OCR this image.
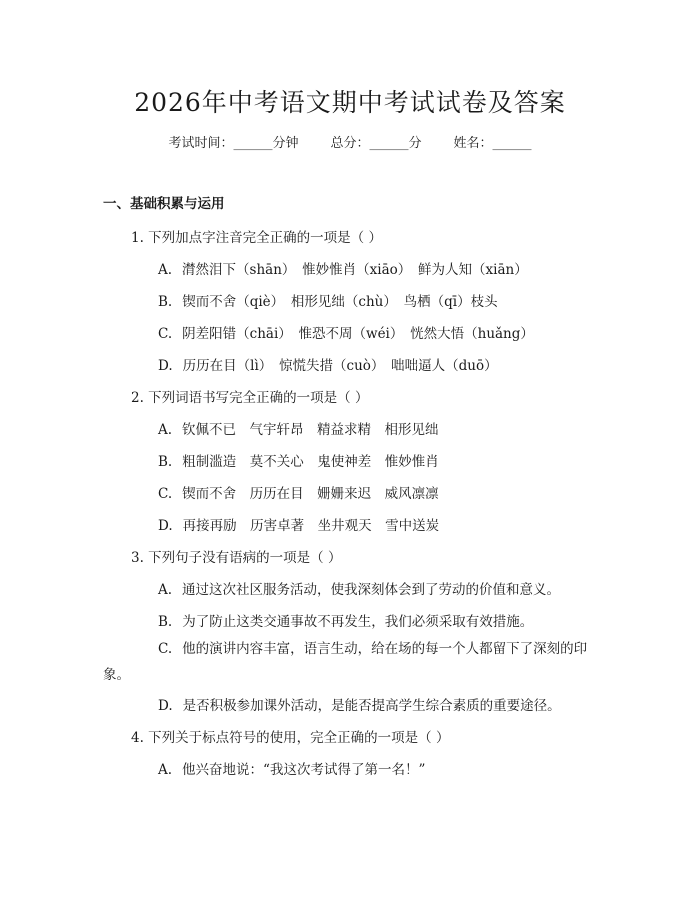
2026年中考语文期中考试试卷及答案
考试时间：______分钟 总分：______分 姓名：______
一、基础积累与运用
1. 下列加点字注音完全正确的一项是（ ）
A. 潸然泪下（shān）　惟妙惟肖（xiāo）　鲜为人知（xiān）
B. 锲而不舍（qiè）　相形见绌（chù）　鸟栖（qī）枝头
C. 阴差阳错（chāi）　惟恐不周（wéi）　恍然大悟（huǎng）
D. 历历在目（lì）　惊慌失措（cuò）　咄咄逼人（duō）
2. 下列词语书写完全正确的一项是（ ）
A. 钦佩不已　气宇轩昂　精益求精　相形见绌
B. 粗制滥造　莫不关心　鬼使神差　惟妙惟肖
C. 锲而不舍　历历在目　姗姗来迟　威风凛凛
D. 再接再励　历害卓著　坐井观天　雪中送炭
3. 下列句子没有语病的一项是（ ）
A. 通过这次社区服务活动，使我深刻体会到了劳动的价值和意义。
B. 为了防止这类交通事故不再发生，我们必须采取有效措施。
C. 他的演讲内容丰富，语言生动，给在场的每一个人都留下了深刻的印象。
D. 是否积极参加课外活动，是能否提高学生综合素质的重要途径。
4. 下列关于标点符号的使用，完全正确的一项是（ ）
A. 他兴奋地说：“我这次考试得了第一名！”
